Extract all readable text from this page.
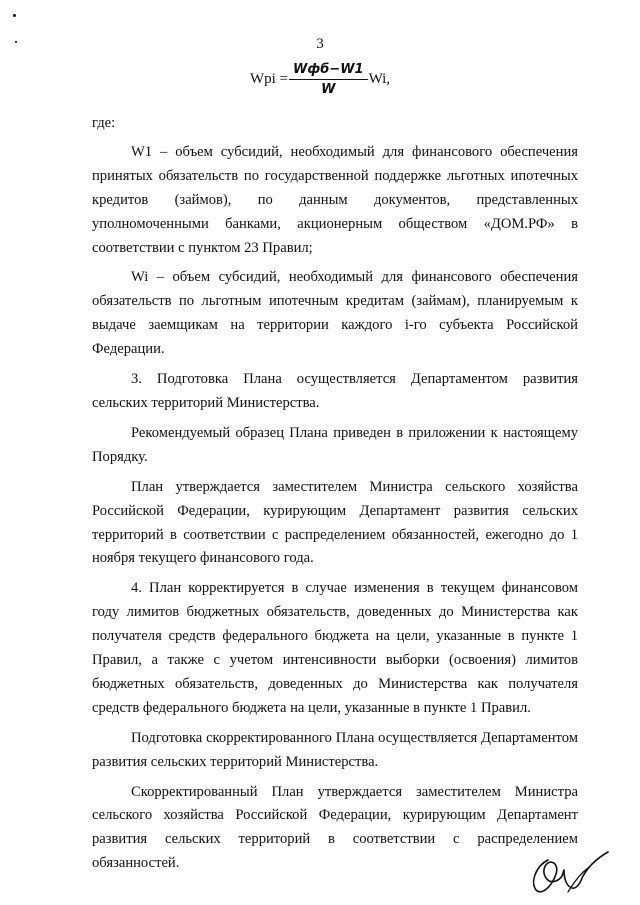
3
Wpi = $\frac{\text{Wфб−W1}}{W} Wi$,

где:

W1 – объем субсидий, необходимый для финансового обеспечения принятых обязательств по государственной поддержке льготных ипотечных кредитов (займов), по данным документов, представленных уполномоченными банками, акционерным обществом «ДОМ.РФ» в соответствии с пунктом 23 Правил;

Wi – объем субсидий, необходимый для финансового обеспечения обязательств по льготным ипотечным кредитам (займам), планируемым к выдаче заемщикам на территории каждого i-го субъекта Российской Федерации.

3. Подготовка Плана осуществляется Департаментом развития сельских территорий Министерства.

Рекомендуемый образец Плана приведен в приложении к настоящему Порядку.

План утверждается заместителем Министра сельского хозяйства Российской Федерации, курирующим Департамент развития сельских территорий в соответствии с распределением обязанностей, ежегодно до 1 ноября текущего финансового года.

4. План корректируется в случае изменения в текущем финансовом году лимитов бюджетных обязательств, доведенных до Министерства как получателя средств федерального бюджета на цели, указанные в пункте 1 Правил, а также с учетом интенсивности выборки (освоения) лимитов бюджетных обязательств, доведенных до Министерства как получателя средств федерального бюджета на цели, указанные в пункте 1 Правил.

Подготовка скорректированного Плана осуществляется Департаментом развития сельских территорий Министерства.

Скорректированный План утверждается заместителем Министра сельского хозяйства Российской Федерации, курирующим Департамент развития сельских территорий в соответствии с распределением обязанностей.
